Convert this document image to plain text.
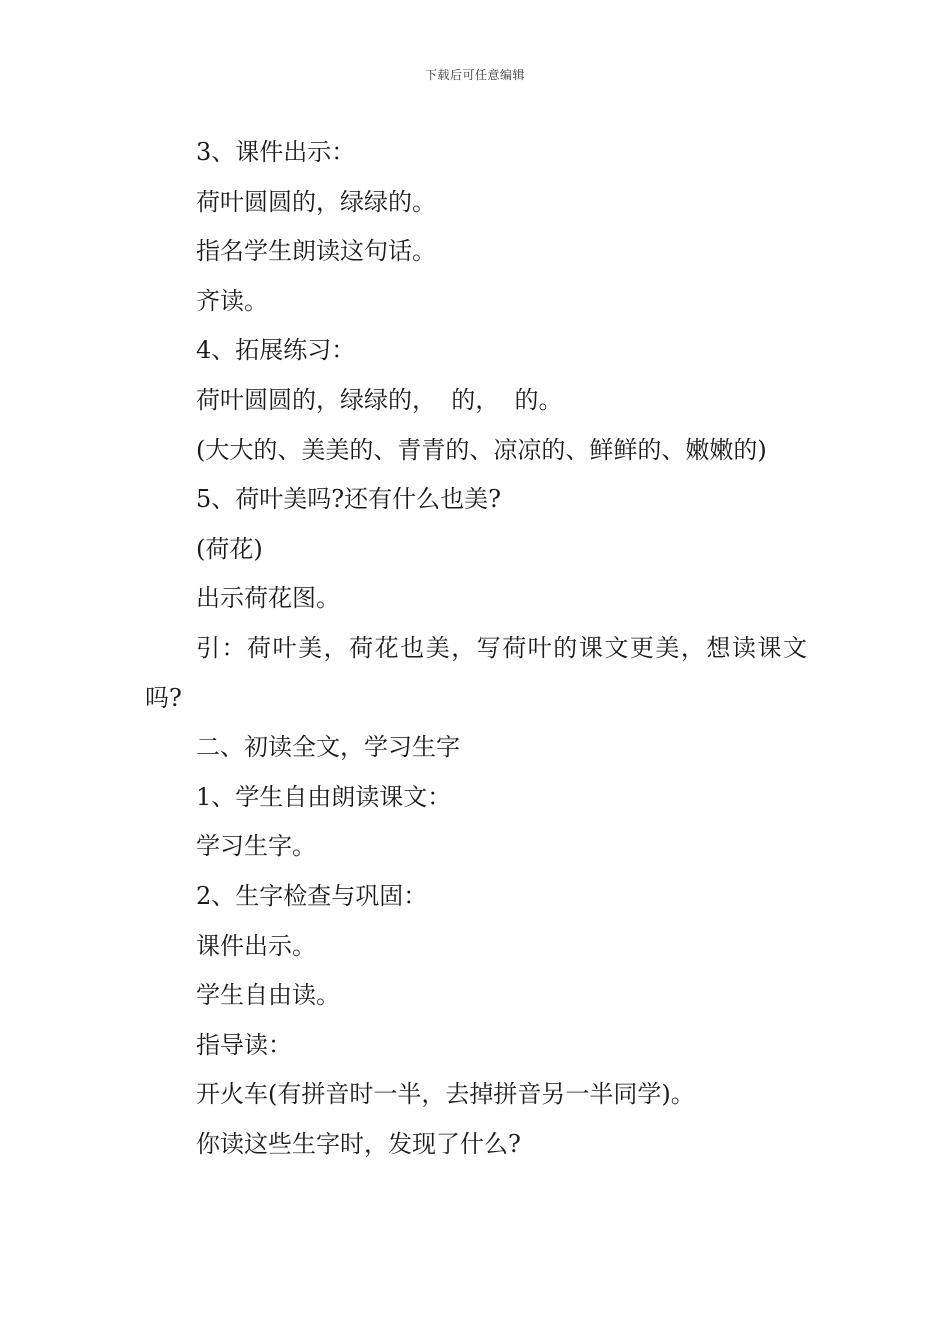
下载后可任意编辑

3、课件出示：

荷叶圆圆的，绿绿的。

指名学生朗读这句话。

齐读。

4、拓展练习：

荷叶圆圆的，绿绿的，  的，  的。

(大大的、美美的、青青的、凉凉的、鲜鲜的、嫩嫩的)

5、荷叶美吗?还有什么也美?

(荷花)

出示荷花图。

引：荷叶美，荷花也美，写荷叶的课文更美，想读课文吗?

二、初读全文，学习生字

1、学生自由朗读课文：

学习生字。

2、生字检查与巩固：

课件出示。

学生自由读。

指导读：

开火车(有拼音时一半，去掉拼音另一半同学)。

你读这些生字时，发现了什么?
